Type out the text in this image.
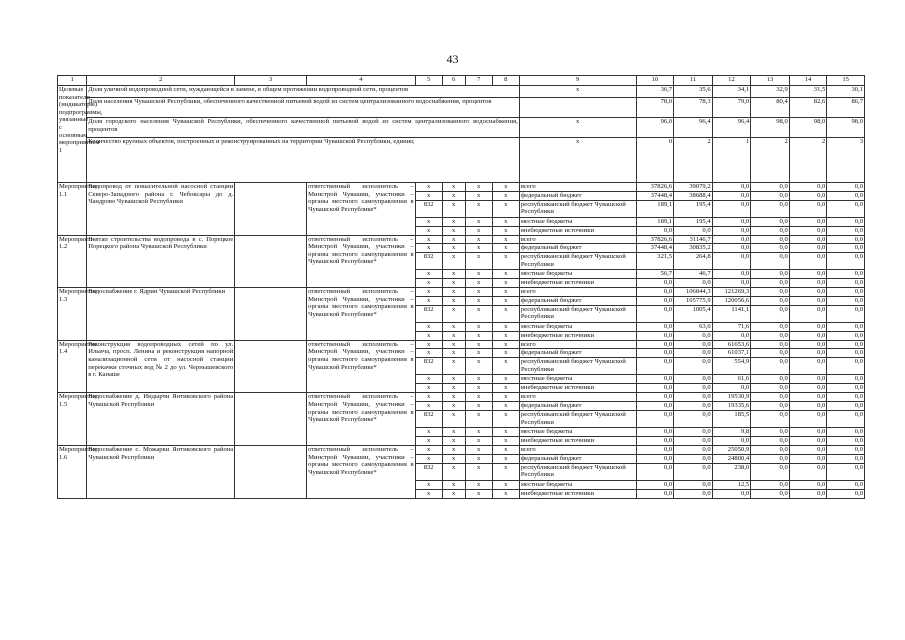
43
1	2	3	4	5	6	7	8	9	10	11	12	13	14	15
Целевые показатели (индикаторы) подпрограммы, увязанные с основным мероприятием 1	Доля уличной водопроводной сети, нуждающейся в замене, в общем протяжении водопроводной сети, процентов							x	36,7	35,6	34,1	32,9	31,5	30,1
	Доля населения Чувашской Республики, обеспеченного качественной питьевой водой из систем централизованного водоснабжения, процентов								78,0	78,3	79,0	80,4	82,6	86,7
	Доля городского населения Чувашской Республики, обеспеченного качественной питьевой водой из систем централизованного водоснабжения, процентов							x	96,0	96,4	96,4	98,0	98,0	98,0
	Количество крупных объектов, построенных и реконструированных на территории Чувашской Республики, единиц							x	0	2	1	2	2	3
Мероприятие 1.1	Водопровод от повысительной насосной станции Северо-Западного района г. Чебоксары до д. Чандрово Чувашской Республики		ответственный исполнитель – Минстрой Чувашии, участники – органы местного самоуправления в Чувашской Республике*	x	x	x	x	всего	37826,6	39079,2	0,0	0,0	0,0	0,0
				x	x	x	x	федеральный бюджет	37448,4	38688,4	0,0	0,0	0,0	0,0
				832	x	x	x	республиканский бюджет Чувашской Республики	189,1	195,4	0,0	0,0	0,0	0,0
				x	x	x	x	местные бюджеты	189,1	195,4	0,0	0,0	0,0	0,0
				x	x	x	x	внебюджетные источники	0,0	0,0	0,0	0,0	0,0	0,0
Мероприятие 1.2	II этап строительства водопровода в с. Порецкое Порецкого района Чувашской Республики		ответственный исполнитель – Минстрой Чувашии, участники – органы местного самоуправления в Чувашской Республике*	x	x	x	x	всего	37826,6	31146,7	0,0	0,0	0,0	0,0
				x	x	x	x	федеральный бюджет	37448,4	30835,2	0,0	0,0	0,0	0,0
				832	x	x	x	республиканский бюджет Чувашской Республики	321,5	264,8	0,0	0,0	0,0	0,0
				x	x	x	x	местные бюджеты	56,7	46,7	0,0	0,0	0,0	0,0
				x	x	x	x	внебюджетные источники	0,0	0,0	0,0	0,0	0,0	0,0
Мероприятие 1.3	Водоснабжение г. Ядрин Чувашской Республики		ответственный исполнитель – Минстрой Чувашии, участники – органы местного самоуправления в Чувашской Республике*	x	x	x	x	всего	0,0	106844,3	121269,3	0,0	0,0	0,0
				x	x	x	x	федеральный бюджет	0,0	105775,9	120056,6	0,0	0,0	0,0
				832	x	x	x	республиканский бюджет Чувашской Республики	0,0	1005,4	1141,1	0,0	0,0	0,0
				x	x	x	x	местные бюджеты	0,0	63,0	71,6	0,0	0,0	0,0
				x	x	x	x	внебюджетные источники	0,0	0,0	0,0	0,0	0,0	0,0
Мероприятие 1.4	Реконструкция водопроводных сетей по ул. Ильича, просп. Ленина и реконструкция напорной канализационной сети от насосной станции перекачки сточных вод № 2 до ул. Чернышевского в г. Канаше		ответственный исполнитель – Минстрой Чувашии, участники – органы местного самоуправления в Чувашской Республике*	x	x	x	x	всего	0,0	0,0	61653,6	0,0	0,0	0,0
				x	x	x	x	федеральный бюджет	0,0	0,0	61037,1	0,0	0,0	0,0
				832	x	x	x	республиканский бюджет Чувашской Республики	0,0	0,0	554,9	0,0	0,0	0,0
				x	x	x	x	местные бюджеты	0,0	0,0	61,6	0,0	0,0	0,0
				x	x	x	x	внебюджетные источники	0,0	0,0	0,0	0,0	0,0	0,0
Мероприятие 1.5	Водоснабжение д. Индырчи Янтиковского района Чувашской Республики		ответственный исполнитель – Минстрой Чувашии, участники – органы местного самоуправления в Чувашской Республике*	x	x	x	x	всего	0,0	0,0	19530,9	0,0	0,0	0,0
				x	x	x	x	федеральный бюджет	0,0	0,0	19335,6	0,0	0,0	0,0
				832	x	x	x	республиканский бюджет Чувашской Республики	0,0	0,0	185,5	0,0	0,0	0,0
				x	x	x	x	местные бюджеты	0,0	0,0	9,8	0,0	0,0	0,0
				x	x	x	x	внебюджетные источники	0,0	0,0	0,0	0,0	0,0	0,0
Мероприятие 1.6	Водоснабжение с. Можарки Янтиковского района Чувашской Республики		ответственный исполнитель – Минстрой Чувашии, участники – органы местного самоуправления в Чувашской Республике*	x	x	x	x	всего	0,0	0,0	25050,9	0,0	0,0	0,0
				x	x	x	x	федеральный бюджет	0,0	0,0	24800,4	0,0	0,0	0,0
				832	x	x	x	республиканский бюджет Чувашской Республики	0,0	0,0	238,0	0,0	0,0	0,0
				x	x	x	x	местные бюджеты	0,0	0,0	12,5	0,0	0,0	0,0
				x	x	x	x	внебюджетные источники	0,0	0,0	0,0	0,0	0,0	0,0
